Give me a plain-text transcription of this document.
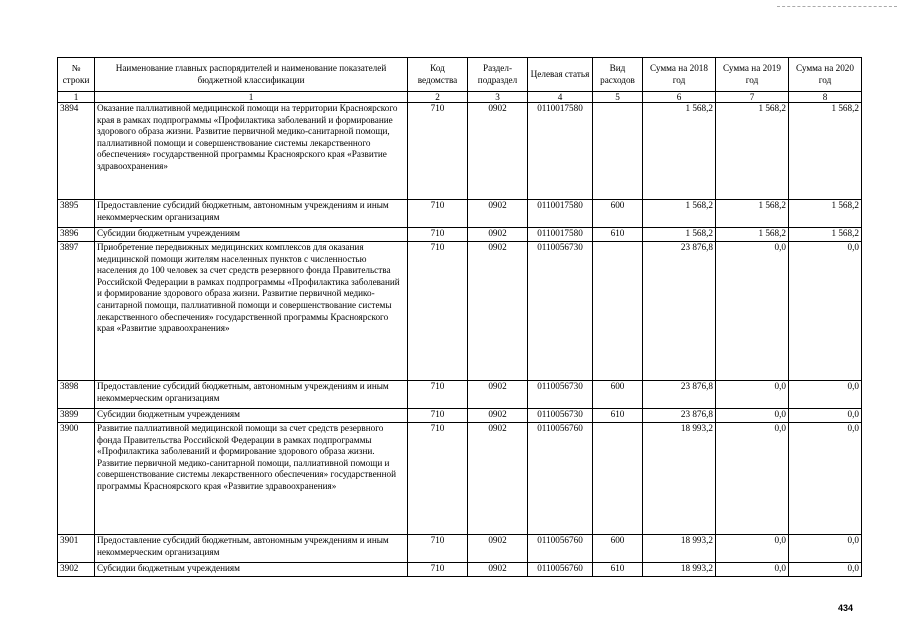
№ строки	Наименование главных распорядителей и наименование показателей бюджетной классификации	Код ведомства	Раздел-подраздел	Целевая статья	Вид расходов	Сумма на 2018 год	Сумма на 2019 год	Сумма на 2020 год
1	1	2	3	4	5	6	7	8
3894	Оказание паллиативной медицинской помощи на территории Красноярского края в рамках подпрограммы «Профилактика заболеваний и формирование здорового образа жизни. Развитие первичной медико-санитарной помощи, паллиативной помощи и совершенствование системы лекарственного обеспечения» государственной программы Красноярского края «Развитие здравоохранения»	710	0902	0110017580		1 568,2	1 568,2	1 568,2
3895	Предоставление субсидий бюджетным, автономным учреждениям и иным некоммерческим организациям	710	0902	0110017580	600	1 568,2	1 568,2	1 568,2
3896	Субсидии бюджетным учреждениям	710	0902	0110017580	610	1 568,2	1 568,2	1 568,2
3897	Приобретение передвижных медицинских комплексов для оказания медицинской помощи жителям населенных пунктов с численностью населения до 100 человек за счет средств резервного фонда Правительства Российской Федерации в рамках подпрограммы «Профилактика заболеваний и формирование здорового образа жизни. Развитие первичной медико-санитарной помощи, паллиативной помощи и совершенствование системы лекарственного обеспечения» государственной программы Красноярского края «Развитие здравоохранения»	710	0902	0110056730		23 876,8	0,0	0,0
3898	Предоставление субсидий бюджетным, автономным учреждениям и иным некоммерческим организациям	710	0902	0110056730	600	23 876,8	0,0	0,0
3899	Субсидии бюджетным учреждениям	710	0902	0110056730	610	23 876,8	0,0	0,0
3900	Развитие паллиативной медицинской помощи за счет средств резервного фонда Правительства Российской Федерации в рамках подпрограммы «Профилактика заболеваний и формирование здорового образа жизни. Развитие первичной медико-санитарной помощи, паллиативной помощи и совершенствование системы лекарственного обеспечения» государственной программы Красноярского края «Развитие здравоохранения»	710	0902	0110056760		18 993,2	0,0	0,0
3901	Предоставление субсидий бюджетным, автономным учреждениям и иным некоммерческим организациям	710	0902	0110056760	600	18 993,2	0,0	0,0
3902	Субсидии бюджетным учреждениям	710	0902	0110056760	610	18 993,2	0,0	0,0
434
